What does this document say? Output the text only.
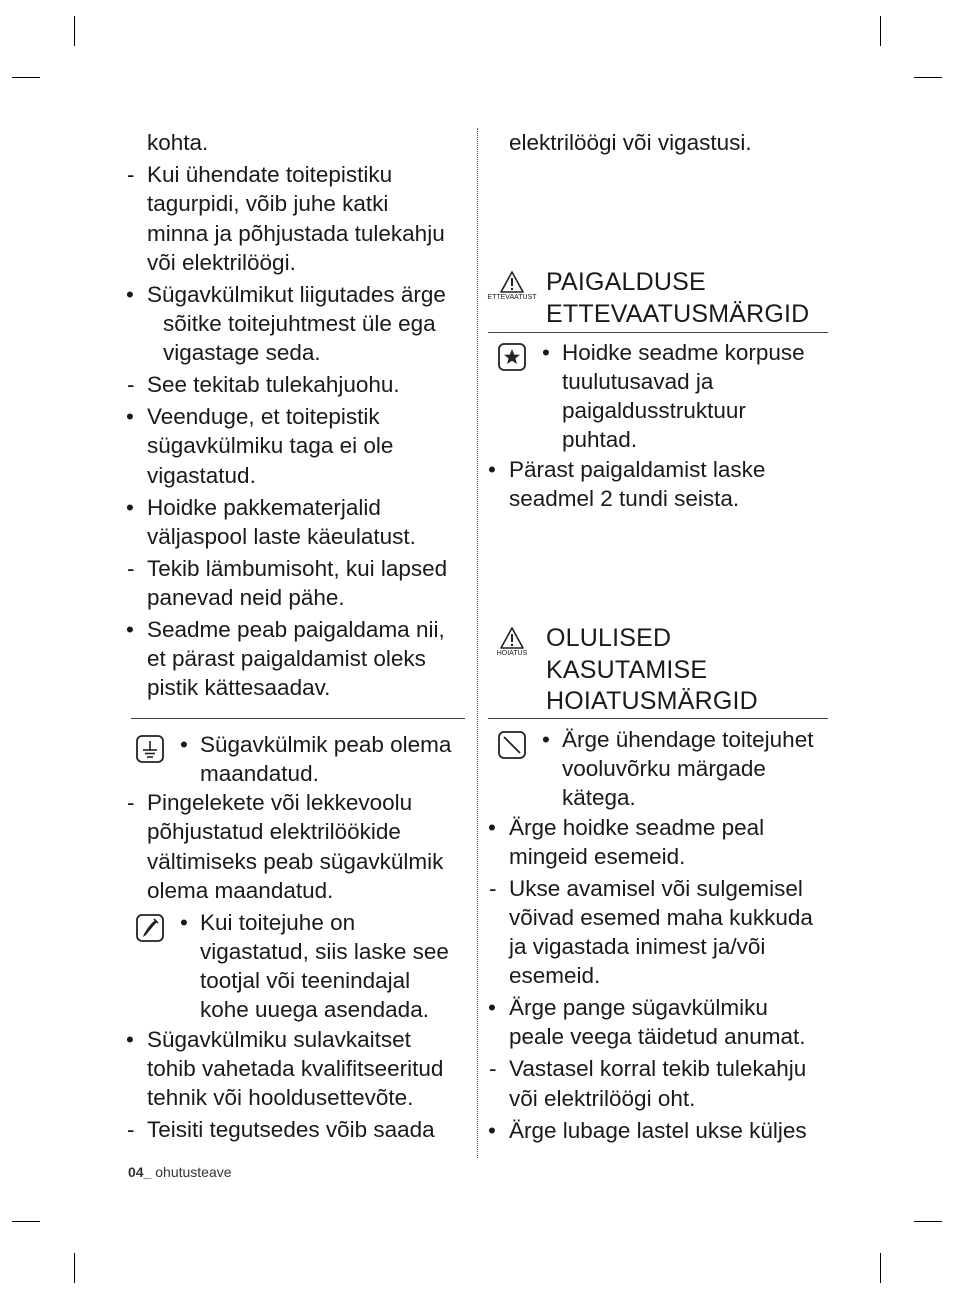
kohta.
- Kui ühendate toitepistiku
tagurpidi, võib juhe katki
minna ja põhjustada tulekahju
või elektrilöögi.
• Sügavkülmikut liigutades ärge
sõitke toitejuhtmest üle ega
vigastage seda.
- See tekitab tulekahjuohu.
• Veenduge, et toitepistik
sügavkülmiku taga ei ole
vigastatud.
• Hoidke pakkematerjalid
väljaspool laste käeulatust.
- Tekib lämbumisoht, kui lapsed
panevad neid pähe.
• Seadme peab paigaldama nii,
et pärast paigaldamist oleks
pistik kättesaadav.
• Sügavkülmik peab olema
maandatud.
- Pingelekete või lekkevoolu
põhjustatud elektrilöökide
vältimiseks peab sügavkülmik
olema maandatud.
• Kui toitejuhe on
vigastatud, siis laske see
tootjal või teenindajal
kohe uuega asendada.
• Sügavkülmiku sulavkaitset
tohib vahetada kvalifitseeritud
tehnik või hooldusettevõte.
- Teisiti tegutsedes võib saada
elektrilöögi või vigastusi.
ETTEVAATUST
PAIGALDUSE
ETTEVAATUSMÄRGID
• Hoidke seadme korpuse
tuulutusavad ja
paigaldusstruktuur
puhtad.
• Pärast paigaldamist laske
seadmel 2 tundi seista.
HOIATUS
OLULISED
KASUTAMISE
HOIATUSMÄRGID
• Ärge ühendage toitejuhet
vooluvõrku märgade
kätega.
• Ärge hoidke seadme peal
mingeid esemeid.
- Ukse avamisel või sulgemisel
võivad esemed maha kukkuda
ja vigastada inimest ja/või
esemeid.
• Ärge pange sügavkülmiku
peale veega täidetud anumat.
- Vastasel korral tekib tulekahju
või elektrilöögi oht.
• Ärge lubage lastel ukse küljes
04_ ohutusteave
